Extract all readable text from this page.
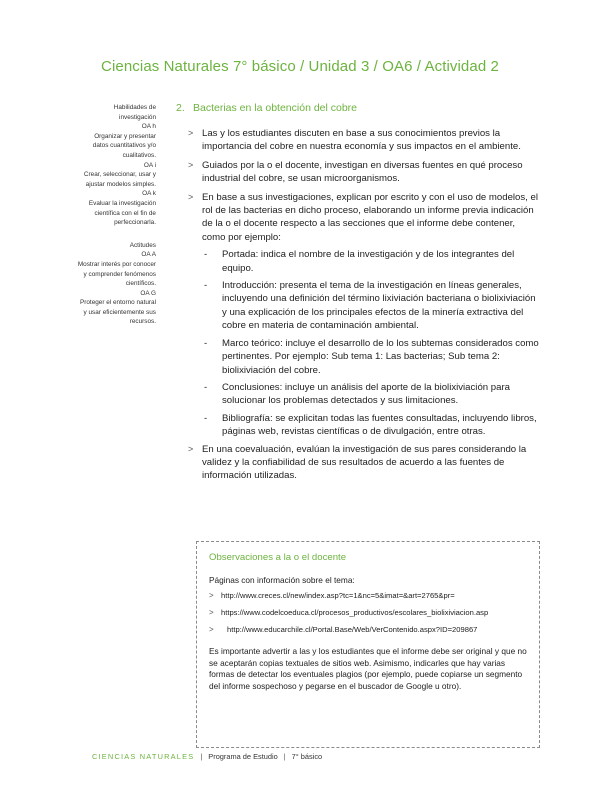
Ciencias Naturales 7° básico / Unidad 3 / OA6 / Actividad 2
Habilidades de
investigación
OA h
Organizar y presentar
datos cuantitativos y/o
cualitativos.
OA i
Crear, seleccionar, usar y
ajustar modelos simples.
OA k
Evaluar la investigación
científica con el fin de
perfeccionarla.
Actitudes
OA A
Mostrar interés por conocer
y comprender fenómenos
científicos.
OA G
Proteger el entorno natural
y usar eficientemente sus
recursos.
2. Bacterias en la obtención del cobre
> Las y los estudiantes discuten en base a sus conocimientos previos la importancia del cobre en nuestra economía y sus impactos en el ambiente.
> Guiados por la o el docente, investigan en diversas fuentes en qué proceso industrial del cobre, se usan microorganismos.
> En base a sus investigaciones, explican por escrito y con el uso de modelos, el rol de las bacterias en dicho proceso, elaborando un informe previa indicación de la o el docente respecto a las secciones que el informe debe contener, como por ejemplo:
- Portada: indica el nombre de la investigación y de los integrantes del equipo.
- Introducción: presenta el tema de la investigación en líneas generales, incluyendo una definición del término lixiviación bacteriana o biolixiviación y una explicación de los principales efectos de la minería extractiva del cobre en materia de contaminación ambiental.
- Marco teórico: incluye el desarrollo de lo los subtemas considerados como pertinentes. Por ejemplo: Sub tema 1: Las bacterias; Sub tema 2: biolixiviación del cobre.
- Conclusiones: incluye un análisis del aporte de la biolixiviación para solucionar los problemas detectados y sus limitaciones.
- Bibliografía: se explicitan todas las fuentes consultadas, incluyendo libros, páginas web, revistas científicas o de divulgación, entre otras.
> En una coevaluación, evalúan la investigación de sus pares considerando la validez y la confiabilidad de sus resultados de acuerdo a las fuentes de información utilizadas.
Observaciones a la o el docente
Páginas con información sobre el tema:
> http://www.creces.cl/new/index.asp?tc=1&nc=5&imat=&art=2765&pr=
> https://www.codelcoeduca.cl/procesos_productivos/escolares_biolixiviacion.asp
> http://www.educarchile.cl/Portal.Base/Web/VerContenido.aspx?ID=209867
Es importante advertir a las y los estudiantes que el informe debe ser original y que no se aceptarán copias textuales de sitios web. Asimismo, indicarles que hay varias formas de detectar los eventuales plagios (por ejemplo, puede copiarse un segmento del informe sospechoso y pegarse en el buscador de Google u otro).
CIENCIAS NATURALES | Programa de Estudio | 7° básico
